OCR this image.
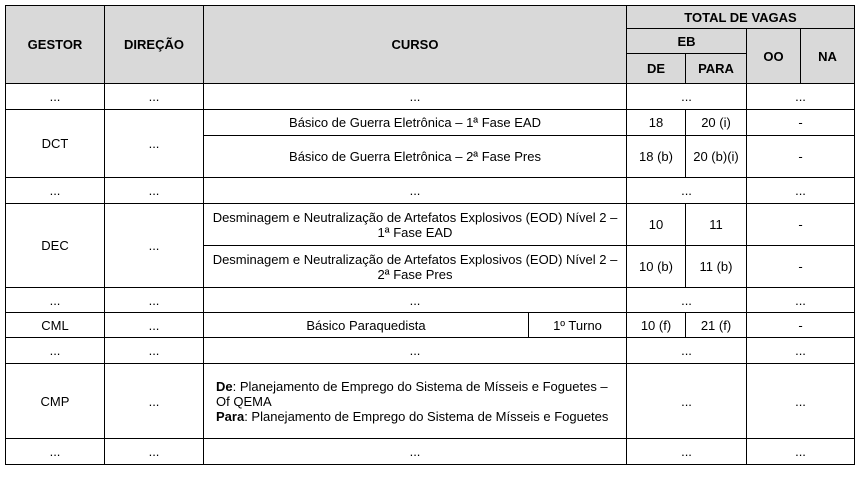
GESTOR	DIREÇÃO	CURSO		TOTAL DE VAGAS			
				EB		OO	NA
				DE	PARA		
...	...	...		...		...	
DCT	...	Básico de Guerra Eletrônica – 1ª Fase EAD		18	20 (i)	-	
		Básico de Guerra Eletrônica – 2ª Fase Pres		18 (b)	20 (b)(i)	-	
...	...	...		...		...	
DEC	...	Desminagem e Neutralização de Artefatos Explosivos (EOD) Nível 2 – 1ª Fase EAD		10	11	-	
		Desminagem e Neutralização de Artefatos Explosivos (EOD) Nível 2 – 2ª Fase Pres		10 (b)	11 (b)	-	
...	...	...		...		...	
CML	...	Básico Paraquedista	1º Turno	10 (f)	21 (f)	-	
...	...	...		...		...	
CMP	...	De: Planejamento de Emprego do Sistema de Mísseis e Foguetes – Of QEMA
Para: Planejamento de Emprego do Sistema de Mísseis e Foguetes		...		...	
...	...	...		...		...	
